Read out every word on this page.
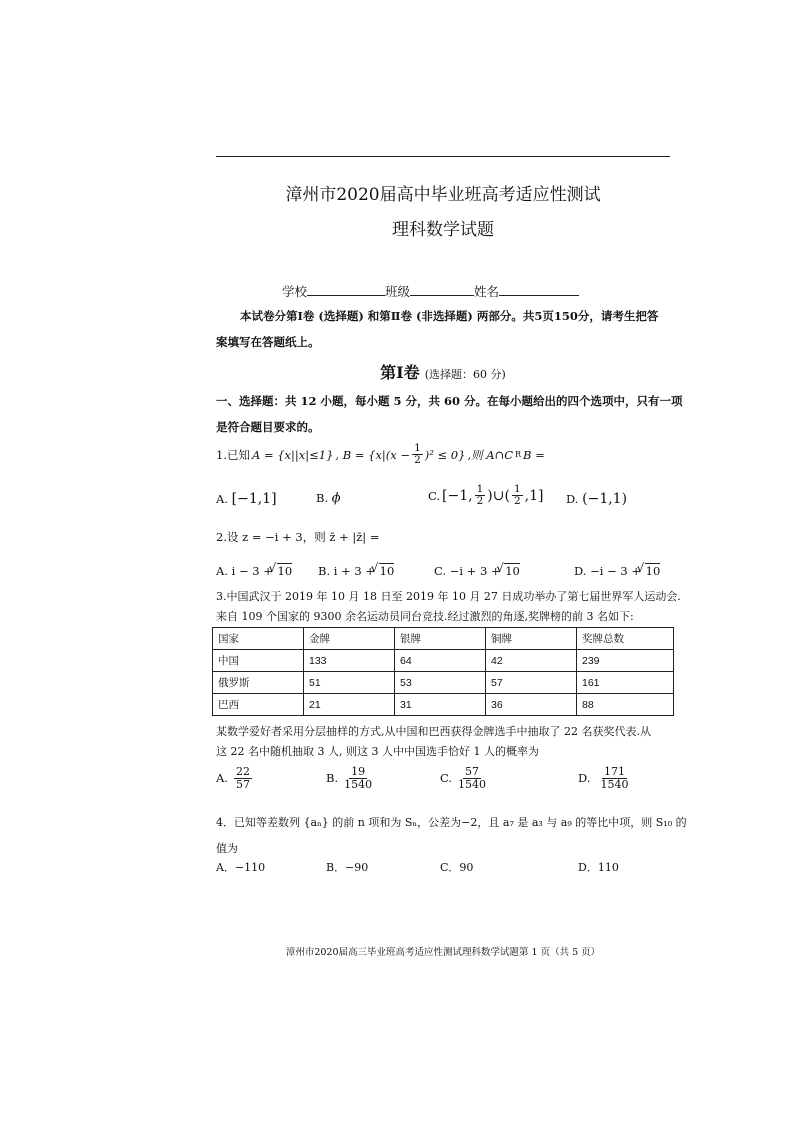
漳州市2020届高中毕业班高考适应性测试
理科数学试题
学校	班级	姓名
本试卷分第Ⅰ卷 (选择题) 和第Ⅱ卷 (非选择题) 两部分。共5页150分，请考生把答
案填写在答题纸上。
第Ⅰ卷 (选择题：60 分)
一、选择题：共 12 小题，每小题 5 分，共 60 分。在每小题给出的四个选项中，只有一项
是符合题目要求的。
1.已知 A = {x||x|≤1} , $B = \{x|(x - \frac{1}{2} )^2 \le 0\}$ ,则 A∩C R B =
A. [−1,1]	B. ϕ	C. [−1, $\frac{1}{2}$ )∪( $\frac{1}{2} ,1$] D. (−1,1)
2.设 z = −i + 3，则 z̄ + |z̄| =
A. i − 3 + √ 10 B. i + 3 + √ 10	C. −i + 3 + √ 10	D. −i − 3 + √ 10
3.中国武汉于 2019 年 10 月 18 日至 2019 年 10 月 27 日成功举办了第七届世界军人运动会.
来自 109 个国家的 9300 余名运动员同台竞技.经过激烈的角逐,奖牌榜的前 3 名如下:
国家	金牌	银牌	铜牌	奖牌总数
中国	133	64	42	239
俄罗斯	51	53	57	161
巴西	21	31	36	88
某数学爱好者采用分层抽样的方式,从中国和巴西获得金牌选手中抽取了 22 名获奖代表.从
这 22 名中随机抽取 3 人, 则这 3 人中中国选手恰好 1 人的概率为
A. $\frac{22}{57}$	B. $\frac{19}{1540}$	C. $\frac{57}{1540}$	D. $\frac{171}{1540}$
4．已知等差数列 {aₙ} 的前 n 项和为 Sₙ，公差为−2，且 a₇ 是 a₃ 与 a₉ 的等比中项，则 S₁₀ 的
值为
A．−110	B．−90	C．90	D．110
漳州市2020届高三毕业班高考适应性测试理科数学试题第 1 页（共 5 页）
